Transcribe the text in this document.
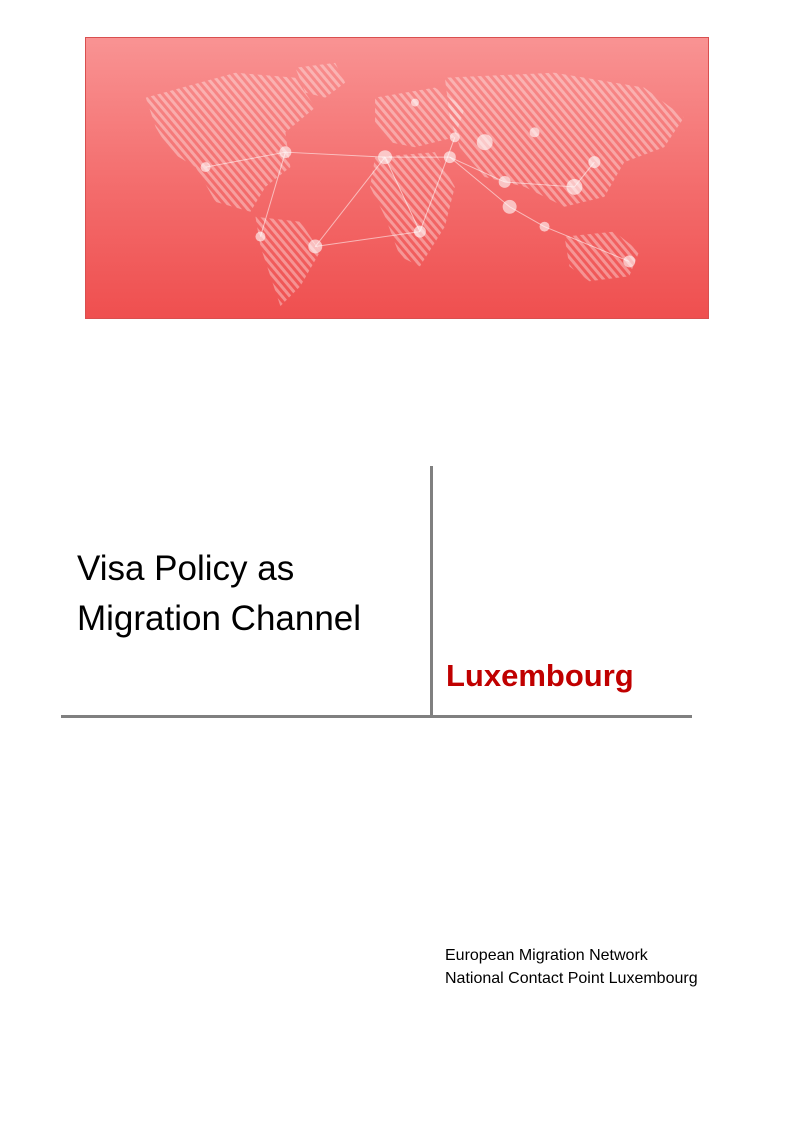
Visa Policy as
Migration Channel
Luxembourg
European Migration Network
National Contact Point Luxembourg
